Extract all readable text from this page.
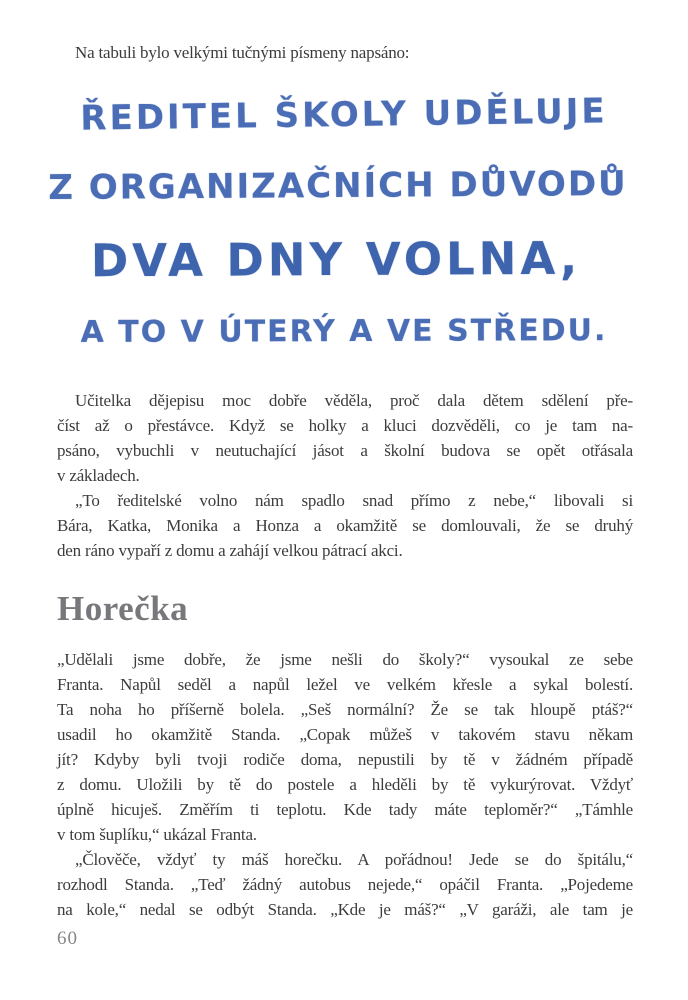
Na tabuli bylo velkými tučnými písmeny napsáno:
ŘEDITEL ŠKOLY UDĚLUJE
Z ORGANIZAČNÍCH DŮVODŮ
DVA DNY VOLNA,
A TO V ÚTERÝ A VE STŘEDU.
Učitelka dějepisu moc dobře věděla, proč dala dětem sdělení pře-
číst až o přestávce. Když se holky a kluci dozvěděli, co je tam na-
psáno, vybuchli v neutuchající jásot a školní budova se opět otřásala
v základech.
„To ředitelské volno nám spadlo snad přímo z nebe,“ libovali si
Bára, Katka, Monika a Honza a okamžitě se domlouvali, že se druhý
den ráno vypaří z domu a zahájí velkou pátrací akci.
Horečka
„Udělali jsme dobře, že jsme nešli do školy?“ vysoukal ze sebe
Franta. Napůl seděl a napůl ležel ve velkém křesle a sykal bolestí.
Ta noha ho příšerně bolela. „Seš normální? Že se tak hloupě ptáš?“
usadil ho okamžitě Standa. „Copak můžeš v takovém stavu někam
jít? Kdyby byli tvoji rodiče doma, nepustili by tě v žádném případě
z domu. Uložili by tě do postele a hleděli by tě vykurýrovat. Vždyť
úplně hicuješ. Změřím ti teplotu. Kde tady máte teploměr?“ „Támhle
v tom šuplíku,“ ukázal Franta.
„Člověče, vždyť ty máš horečku. A pořádnou! Jede se do špitálu,“
rozhodl Standa. „Teď žádný autobus nejede,“ opáčil Franta. „Pojedeme
na kole,“ nedal se odbýt Standa. „Kde je máš?“ „V garáži, ale tam je
60
